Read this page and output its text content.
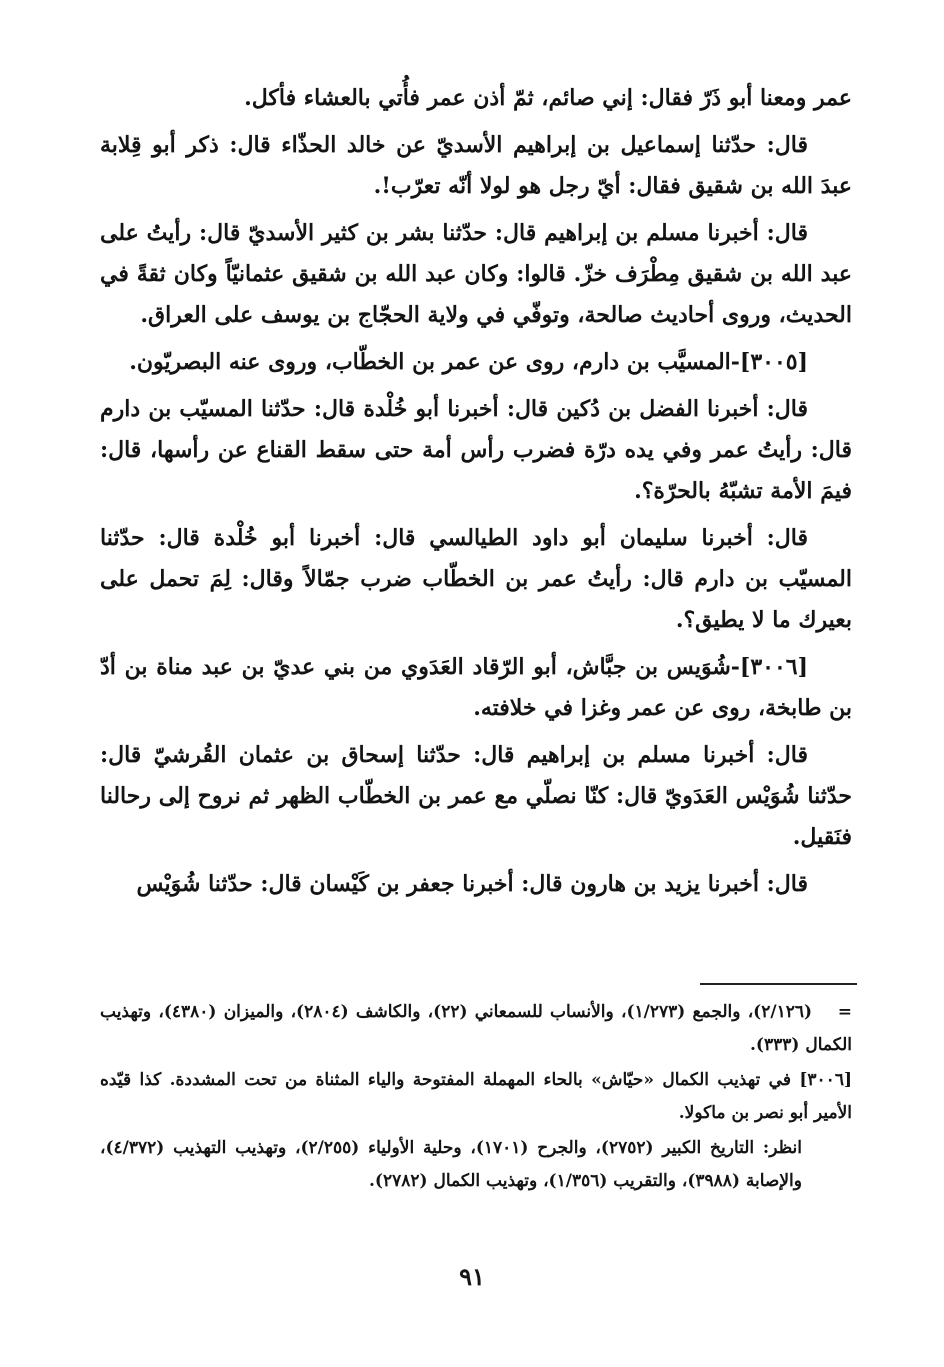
عمر ومعنا أبو ذَرّ فقال: إني صائم، ثمّ أذن عمر فأُتي بالعشاء فأكل.

قال: حدّثنا إسماعيل بن إبراهيم الأسديّ عن خالد الحذّاء قال: ذكر أبو قِلابة عبدَ الله بن شقيق فقال: أيّ رجل هو لولا أنّه تعرّب!.

قال: أخبرنا مسلم بن إبراهيم قال: حدّثنا بشر بن كثير الأسديّ قال: رأيتُ على عبد الله بن شقيق مِطْرَف خزّ. قالوا: وكان عبد الله بن شقيق عثمانيّاً وكان ثقةً في الحديث، وروى أحاديث صالحة، وتوفّي في ولاية الحجّاج بن يوسف على العراق.

[٣٠٠٥]-المسيَّب بن دارم، روى عن عمر بن الخطّاب، وروى عنه البصريّون.

قال: أخبرنا الفضل بن دُكين قال: أخبرنا أبو خُلْدة قال: حدّثنا المسيّب بن دارم قال: رأيتُ عمر وفي يده درّة فضرب رأس أمة حتى سقط القناع عن رأسها، قال: فيمَ الأمة تشبّهُ بالحرّة؟.

قال: أخبرنا سليمان أبو داود الطيالسي قال: أخبرنا أبو خُلْدة قال: حدّثنا المسيّب بن دارم قال: رأيتُ عمر بن الخطّاب ضرب جمّالاً وقال: لِمَ تحمل على بعيرك ما لا يطيق؟.

[٣٠٠٦]-شُوَيس بن جبَّاش، أبو الرّقاد العَدَوي من بني عديّ بن عبد مناة بن أدّ بن طابخة، روى عن عمر وغزا في خلافته.

قال: أخبرنا مسلم بن إبراهيم قال: حدّثنا إسحاق بن عثمان القُرشيّ قال: حدّثنا شُوَيْس العَدَويّ قال: كنّا نصلّي مع عمر بن الخطّاب الظهر ثم نروح إلى رحالنا فنَقيل.

قال: أخبرنا يزيد بن هارون قال: أخبرنا جعفر بن كَيْسان قال: حدّثنا شُوَيْس

=(٢/١٢٦)، والجمع (١/٢٧٣)، والأنساب للسمعاني (٢٢)، والكاشف (٢٨٠٤)، والميزان (٤٣٨٠)، وتهذيب الكمال (٣٣٣).

[٣٠٠٦] في تهذيب الكمال «حيّاش» بالحاء المهملة المفتوحة والياء المثناة من تحت المشددة. كذا قيّده الأمير أبو نصر بن ماكولا.

انظر: التاريخ الكبير (٢٧٥٢)، والجرح (١٧٠١)، وحلية الأولياء (٢/٢٥٥)، وتهذيب التهذيب (٤/٣٧٢)، والإصابة (٣٩٨٨)، والتقريب (١/٣٥٦)، وتهذيب الكمال (٢٧٨٢).

٩١
